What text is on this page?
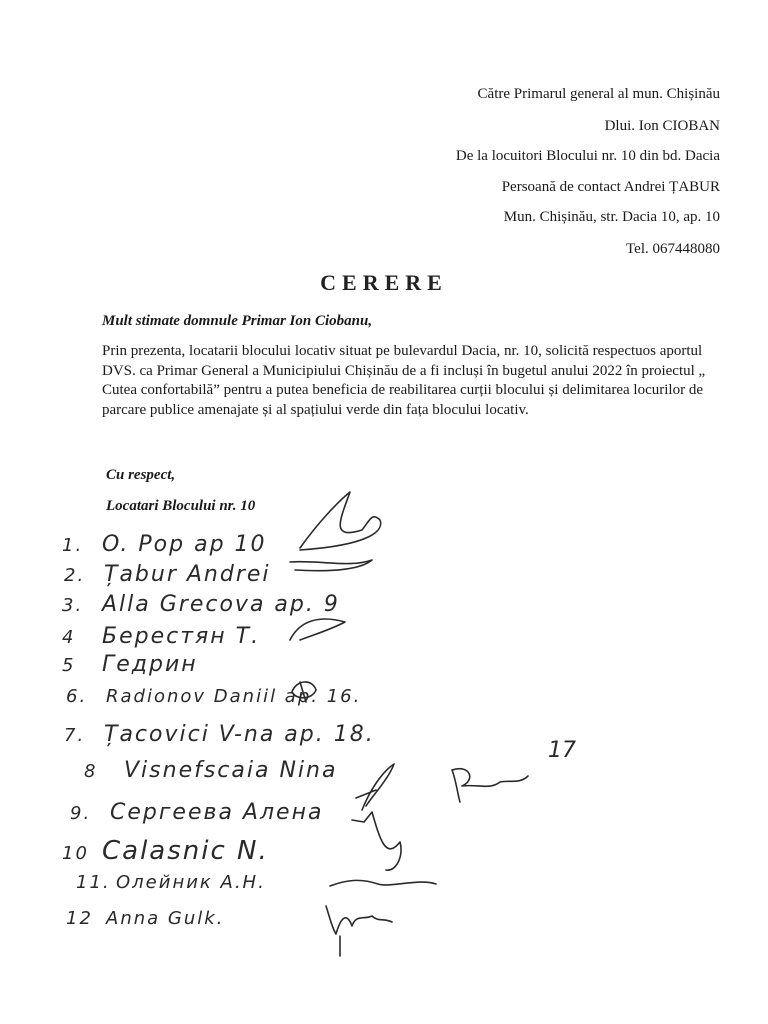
Către Primarul general al mun. Chișinău
Dlui. Ion CIOBAN
De la locuitori Blocului nr. 10 din bd. Dacia
Persoană de contact Andrei ȚABUR
Mun. Chișinău, str. Dacia 10, ap. 10
Tel. 067448080
CERERE
Mult stimate domnule Primar Ion Ciobanu,
Prin prezenta, locatarii blocului locativ situat pe bulevardul Dacia, nr. 10, solicită respectuos aportul DVS. ca Primar General a Municipiului Chișinău de a fi incluși în bugetul anului 2022 în proiectul „ Cutea confortabilă” pentru a putea beneficia de reabilitarea curții blocului și delimitarea locurilor de parcare publice amenajate și al spațiului verde din fața blocului locativ.
Cu respect,
Locatari Blocului nr. 10
1. O. Pop ap 10
2. Țabur Andrei
3. Alla Grecova ap. 9
4 Берестян Т.
5 Гедрин
6. Radionov Daniil ap. 16.
7. Țacovici V-na ap. 18.
8 Visnefscaia Nina
9. Сергеева Алена
10 Calasnic N.
11. Олейник А.Н.
12 Anna Gulk.
17
